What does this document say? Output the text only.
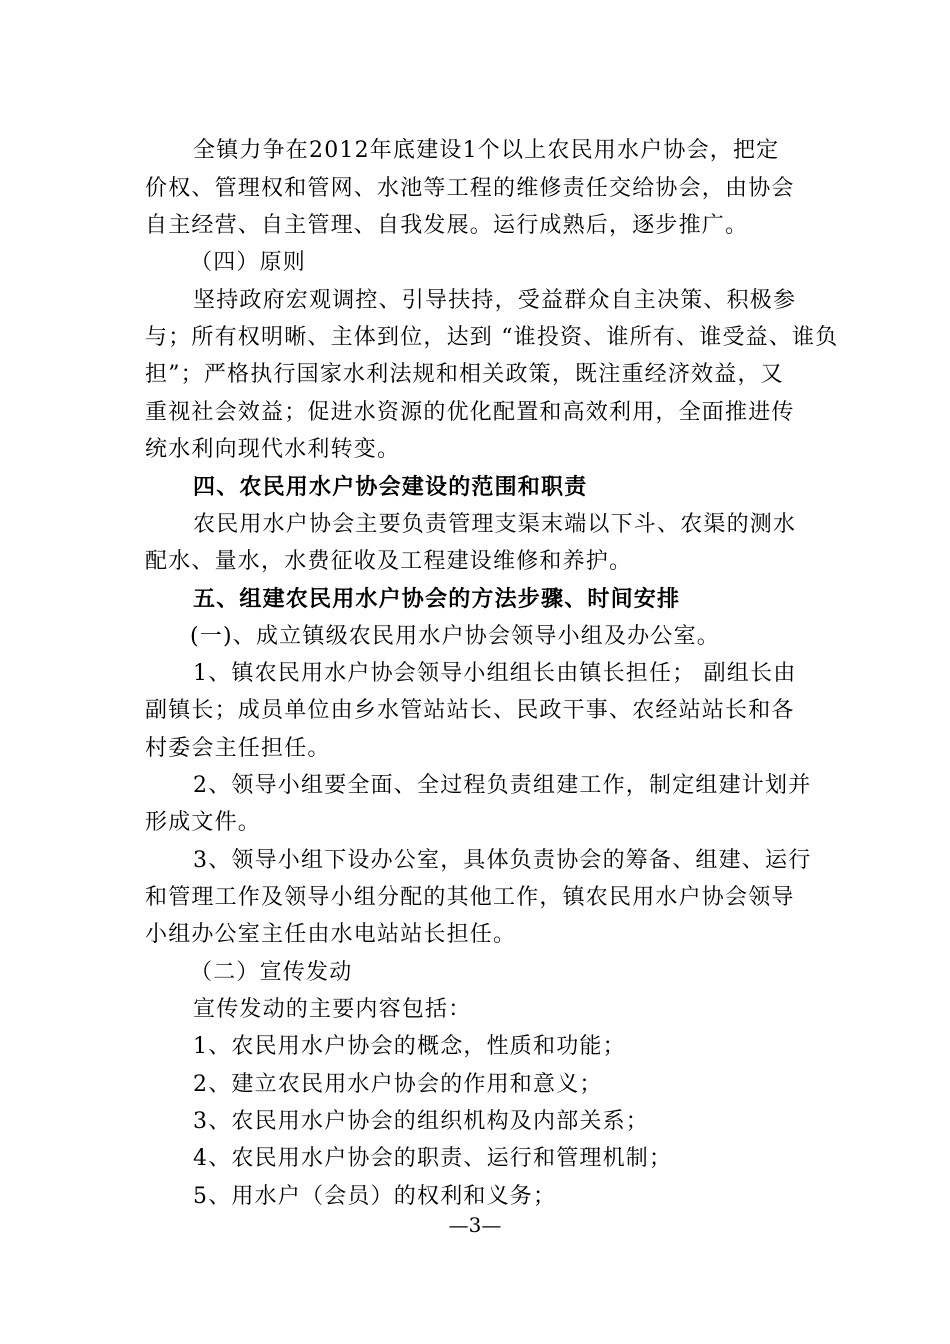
全镇力争在2012年底建设1个以上农民用水户协会，把定
价权、管理权和管网、水池等工程的维修责任交给协会，由协会
自主经营、自主管理、自我发展。运行成熟后，逐步推广。
（四）原则
坚持政府宏观调控、引导扶持，受益群众自主决策、积极参
与；所有权明晰、主体到位，达到 “谁投资、谁所有、谁受益、谁负
担”；严格执行国家水利法规和相关政策，既注重经济效益，又
重视社会效益；促进水资源的优化配置和高效利用，全面推进传
统水利向现代水利转变。
四、农民用水户协会建设的范围和职责
农民用水户协会主要负责管理支渠末端以下斗、农渠的测水
配水、量水，水费征收及工程建设维修和养护。
五、组建农民用水户协会的方法步骤、时间安排
(一)、成立镇级农民用水户协会领导小组及办公室。
1、镇农民用水户协会领导小组组长由镇长担任； 副组长由
副镇长；成员单位由乡水管站站长、民政干事、农经站站长和各
村委会主任担任。
2、领导小组要全面、全过程负责组建工作，制定组建计划并
形成文件。
3、领导小组下设办公室，具体负责协会的筹备、组建、运行
和管理工作及领导小组分配的其他工作，镇农民用水户协会领导
小组办公室主任由水电站站长担任。
（二）宣传发动
宣传发动的主要内容包括：
1、农民用水户协会的概念，性质和功能；
2、建立农民用水户协会的作用和意义；
3、农民用水户协会的组织机构及内部关系；
4、农民用水户协会的职责、运行和管理机制；
5、用水户（会员）的权利和义务；
—3—
